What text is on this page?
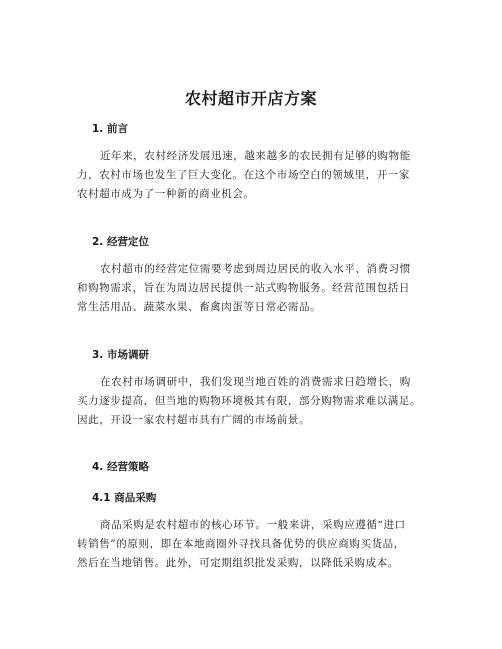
农村超市开店方案
1. 前言
近年来，农村经济发展迅速，越来越多的农民拥有足够的购物能
力，农村市场也发生了巨大变化。在这个市场空白的领域里，开一家
农村超市成为了一种新的商业机会。
2. 经营定位
农村超市的经营定位需要考虑到周边居民的收入水平、消费习惯
和购物需求，旨在为周边居民提供一站式购物服务。经营范围包括日
常生活用品、蔬菜水果、畜禽肉蛋等日常必需品。
3. 市场调研
在农村市场调研中，我们发现当地百姓的消费需求日趋增长，购
买力逐步提高，但当地的购物环境极其有限，部分购物需求难以满足。
因此，开设一家农村超市具有广阔的市场前景。
4. 经营策略
4.1 商品采购
商品采购是农村超市的核心环节。一般来讲，采购应遵循“进口
转销售”的原则，即在本地商圈外寻找具备优势的供应商购买货品，
然后在当地销售。此外，可定期组织批发采购，以降低采购成本。
